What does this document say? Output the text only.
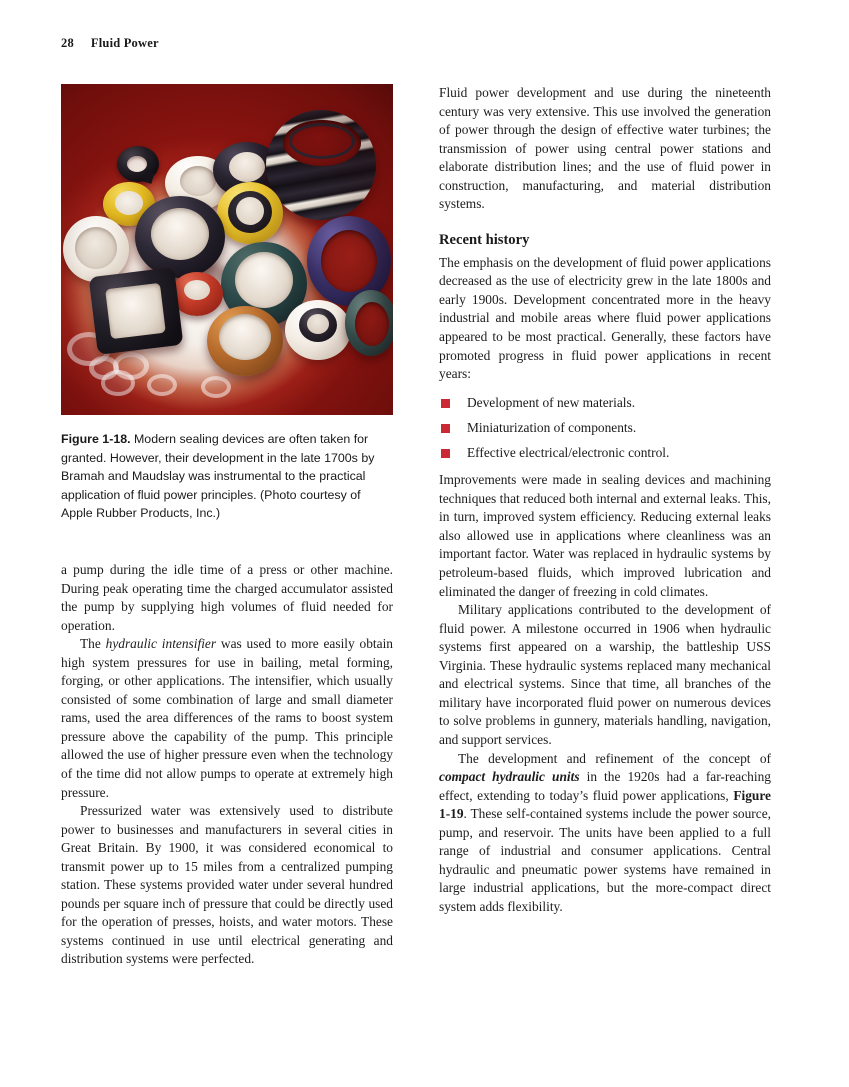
28 Fluid Power
Figure 1-18. Modern sealing devices are often taken for granted. However, their development in the late 1700s by Bramah and Maudslay was instrumental to the practical application of fluid power principles. (Photo courtesy of Apple Rubber Products, Inc.)

a pump during the idle time of a press or other machine. During peak operating time the charged accumulator assisted the pump by supplying high volumes of fluid needed for operation.

The hydraulic intensifier was used to more easily obtain high system pressures for use in bailing, metal forming, forging, or other applications. The intensifier, which usually consisted of some combination of large and small diameter rams, used the area differences of the rams to boost system pressure above the capability of the pump. This principle allowed the use of higher pressure even when the technology of the time did not allow pumps to operate at extremely high pressure.

Pressurized water was extensively used to distribute power to businesses and manufacturers in several cities in Great Britain. By 1900, it was considered economical to transmit power up to 15 miles from a centralized pumping station. These systems provided water under several hundred pounds per square inch of pressure that could be directly used for the operation of presses, hoists, and water motors. These systems continued in use until electrical generating and distribution systems were perfected.

Fluid power development and use during the nineteenth century was very extensive. This use involved the generation of power through the design of effective water turbines; the transmission of power using central power stations and elaborate distribution lines; and the use of fluid power in construction, manufacturing, and material distribution systems.

Recent history

The emphasis on the development of fluid power applications decreased as the use of electricity grew in the late 1800s and early 1900s. Development concentrated more in the heavy industrial and mobile areas where fluid power applications appeared to be most practical. Generally, these factors have promoted progress in fluid power applications in recent years:

Development of new materials.
Miniaturization of components.
Effective electrical/electronic control.

Improvements were made in sealing devices and machining techniques that reduced both internal and external leaks. This, in turn, improved system efficiency. Reducing external leaks also allowed use in applications where cleanliness was an important factor. Water was replaced in hydraulic systems by petroleum-based fluids, which improved lubrication and eliminated the danger of freezing in cold climates.

Military applications contributed to the development of fluid power. A milestone occurred in 1906 when hydraulic systems first appeared on a warship, the battleship USS Virginia. These hydraulic systems replaced many mechanical and electrical systems. Since that time, all branches of the military have incorporated fluid power on numerous devices to solve problems in gunnery, materials handling, navigation, and support services.

The development and refinement of the concept of compact hydraulic units in the 1920s had a far-reaching effect, extending to today’s fluid power applications, Figure 1-19. These self-contained systems include the power source, pump, and reservoir. The units have been applied to a full range of industrial and consumer applications. Central hydraulic and pneumatic power systems have remained in large industrial applications, but the more-compact direct system adds flexibility.
